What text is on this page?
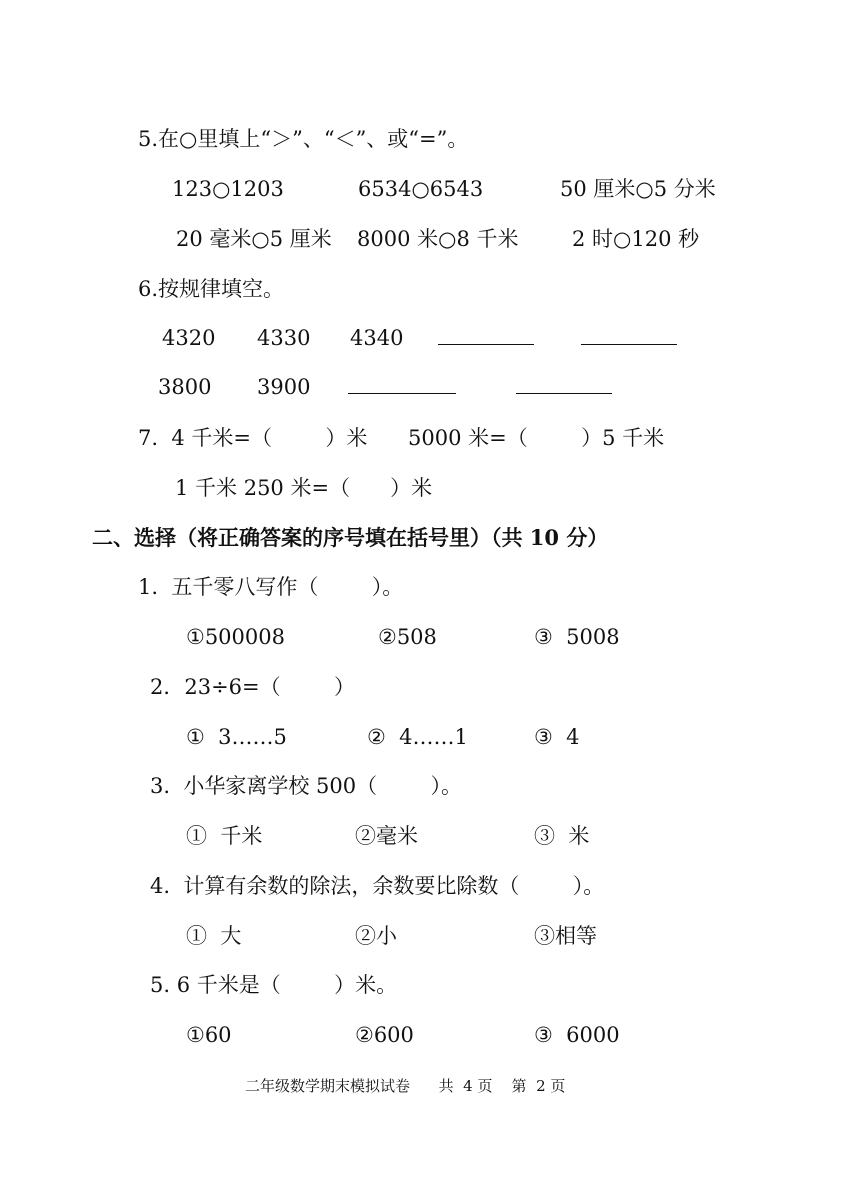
5.在○里填上“＞”、“＜”、或“=”。
123○1203	6534○6543	50 厘米○5 分米
20 毫米○5 厘米 8000 米○8 千米	2 时○120 秒
6.按规律填空。
4320 4330 4340
3800 3900
7.  4 千米=（        ）米 5000 米=（        ）5 千米
1 千米 250 米=（      ）米
二、选择（将正确答案的序号填在括号里）（共 10 分）
1.  五千零八写作（        ）。
①500008	②508	③  5008
2．23÷6=（        ）
①  3……5	②  4……1	③  4
3.  小华家离学校 500（        ）。
①  千米	②毫米	③  米
4.  计算有余数的除法，余数要比除数（        ）。
①  大	②小	③相等
5. 6 千米是（        ）米。
①60	②600	③  6000
二年级数学期末模拟试卷      共  4 页    第  2 页
